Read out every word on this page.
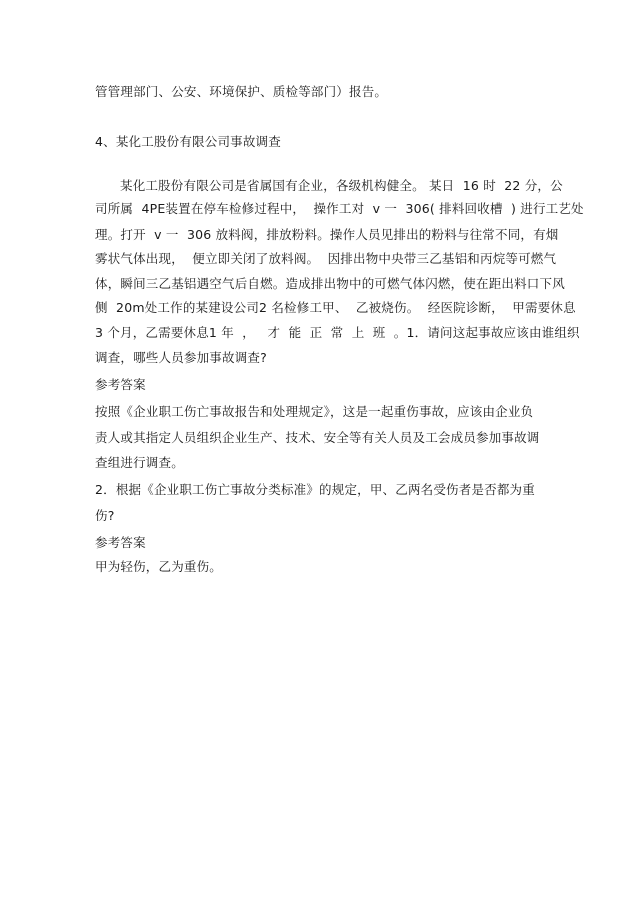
管管理部门、公安、环境保护、质检等部门）报告。
4、某化工股份有限公司事故调查
某化工股份有限公司是省属国有企业，各级机构健全。 某日  16 时  22 分，公
司所属  4PE装置在停车检修过程中，  操作工对  v 一  306( 排料回收槽  ) 进行工艺处
理。打开  v 一  306 放料阀，排放粉料。操作人员见排出的粉料与往常不同，有烟
雾状气体出现，  便立即关闭了放料阀。  因排出物中央带三乙基铝和丙烷等可燃气
体，瞬间三乙基铝遇空气后自燃。造成排出物中的可燃气体闪燃，使在距出料口下风
侧  20m处工作的某建设公司2 名检修工甲、  乙被烧伤。  经医院诊断，  甲需要休息
3 个月，乙需要休息1 年  ，   才  能  正  常  上  班  。1．请问这起事故应该由谁组织
调查，哪些人员参加事故调查?
参考答案
按照《企业职工伤亡事故报告和处理规定》，这是一起重伤事故，应该由企业负
责人或其指定人员组织企业生产、技术、安全等有关人员及工会成员参加事故调
查组进行调查。
2．根据《企业职工伤亡事故分类标准》的规定，甲、乙两名受伤者是否都为重
伤?
参考答案
甲为轻伤，乙为重伤。
